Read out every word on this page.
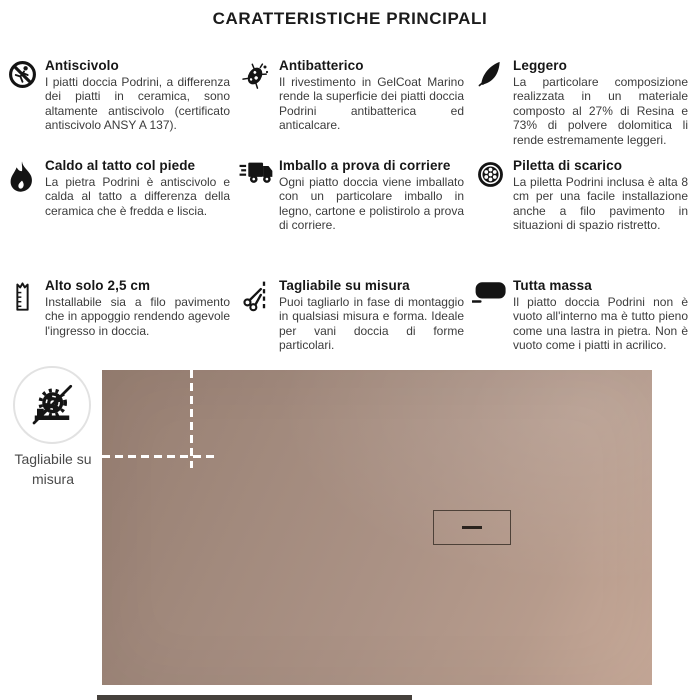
CARATTERISTICHE PRINCIPALI
Antiscivolo

I piatti doccia Podrini, a differenza dei piatti in ceramica, sono altamente antiscivolo (certificato antiscivolo ANSY A 137).

Antibatterico

Il rivestimento in GelCoat Marino rende la superficie dei piatti doccia Podrini antibatterica ed anticalcare.

Leggero

La particolare composizione realizzata in un materiale composto al 27% di Resina e 73% di polvere dolomitica li rende estremamente leggeri.

Caldo al tatto col piede

La pietra Podrini è antiscivolo e calda al tatto a differenza della ceramica che è fredda e liscia.

Imballo a prova di corriere

Ogni piatto doccia viene imballato con un particolare imballo in legno, cartone e polistirolo a prova di corriere.

Piletta di scarico

La piletta Podrini inclusa è alta 8 cm per una facile installazione anche a filo pavimento in situazioni di spazio ristretto.

Alto solo 2,5 cm

Installabile sia a filo pavimento che in appoggio rendendo agevole l'ingresso in doccia.

Tagliabile su misura

Puoi tagliarlo in fase di montaggio in qualsiasi misura e forma. Ideale per vani doccia di forme particolari.

Tutta massa

Il piatto doccia Podrini non è vuoto all'interno ma è tutto pieno come una lastra in pietra. Non è vuoto come i piatti in acrilico.

Tagliabile su misura
